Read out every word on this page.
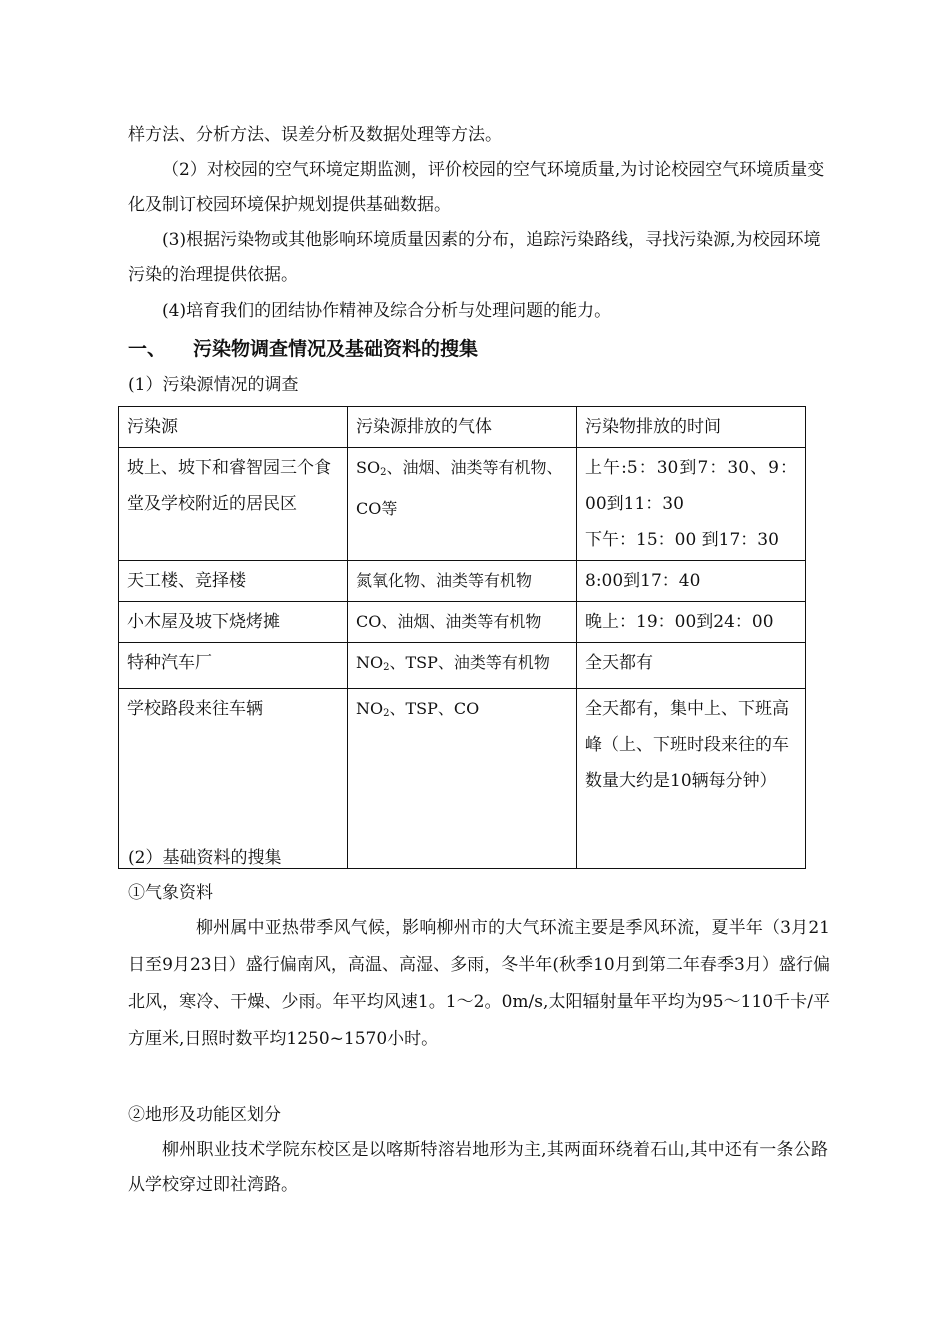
样方法、分析方法、误差分析及数据处理等方法。

（2）对校园的空气环境定期监测，评价校园的空气环境质量,为讨论校园空气环境质量变化及制订校园环境保护规划提供基础数据。

(3)根据污染物或其他影响环境质量因素的分布，追踪污染路线，寻找污染源,为校园环境污染的治理提供依据。

(4)培育我们的团结协作精神及综合分析与处理问题的能力。

一、 污染物调查情况及基础资料的搜集

(1）污染源情况的调查

污染源	污染源排放的气体	污染物排放的时间
坡上、坡下和睿智园三个食堂及学校附近的居民区	$SO_2$、油烟、油类等有机物、CO等	上午:5：30到7：30、9：00到11：30
下午：15：00 到17：30

天工楼、竞择楼	氮氧化物、油类等有机物	8:00到17：40
小木屋及坡下烧烤摊	CO、油烟、油类等有机物	晚上：19：00到24：00
特种汽车厂	$NO_2$、TSP、油类等有机物	全天都有
学校路段来往车辆	$NO_2$、TSP、CO	全天都有，集中上、下班高峰（上、下班时段来往的车数量大约是10辆每分钟）

(2）基础资料的搜集

①气象资料

柳州属中亚热带季风气候，影响柳州市的大气环流主要是季风环流，夏半年（3月21日至9月23日）盛行偏南风，高温、高湿、多雨，冬半年(秋季10月到第二年春季3月）盛行偏北风，寒冷、干燥、少雨。年平均风速1。1～2。0m/s,太阳辐射量年平均为95～110千卡/平方厘米,日照时数平均1250~1570小时。

②地形及功能区划分

柳州职业技术学院东校区是以喀斯特溶岩地形为主,其两面环绕着石山,其中还有一条公路从学校穿过即社湾路。
